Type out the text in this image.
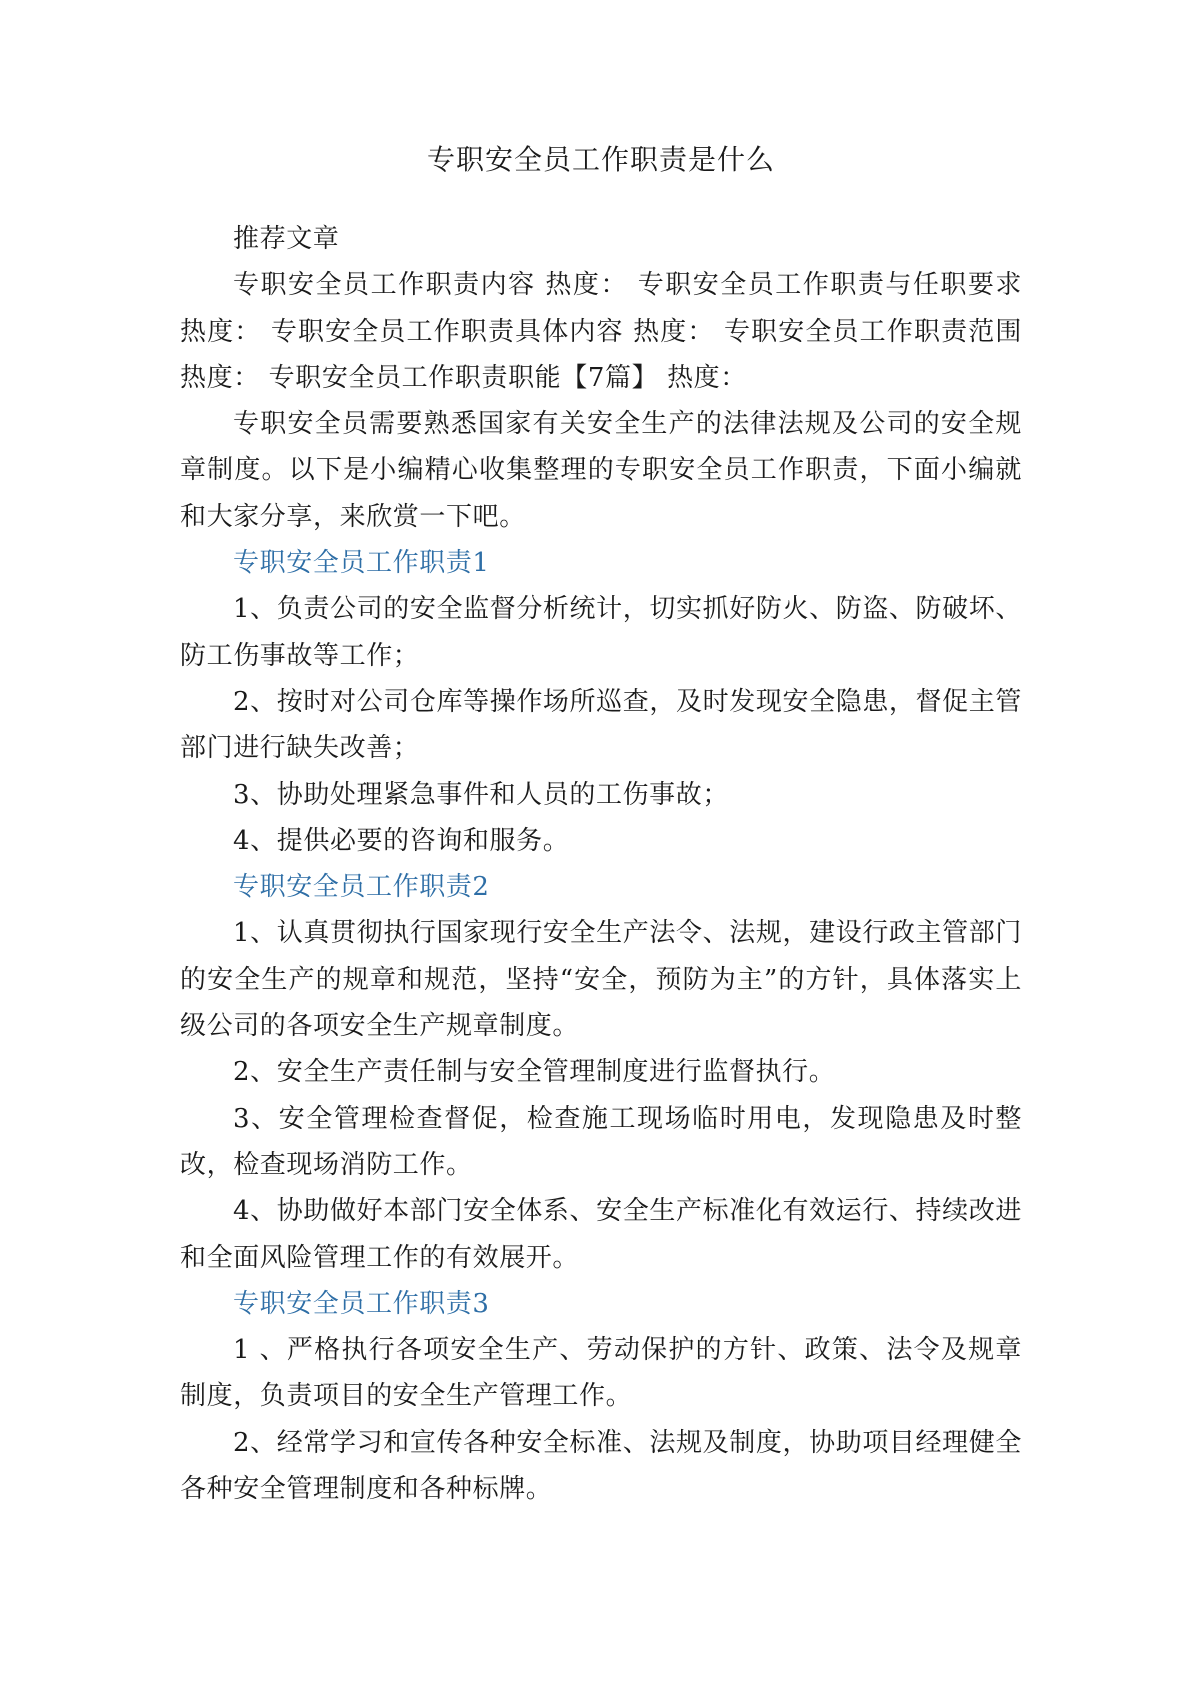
专职安全员工作职责是什么

推荐文章

专职安全员工作职责内容 热度： 专职安全员工作职责与任职要求 热度： 专职安全员工作职责具体内容 热度： 专职安全员工作职责范围 热度： 专职安全员工作职责职能【7篇】 热度：

专职安全员需要熟悉国家有关安全生产的法律法规及公司的安全规章制度。以下是小编精心收集整理的专职安全员工作职责，下面小编就和大家分享，来欣赏一下吧。

专职安全员工作职责1

1、负责公司的安全监督分析统计，切实抓好防火、防盗、防破坏、防工伤事故等工作；

2、按时对公司仓库等操作场所巡查，及时发现安全隐患，督促主管部门进行缺失改善；

3、协助处理紧急事件和人员的工伤事故；

4、提供必要的咨询和服务。

专职安全员工作职责2

1、认真贯彻执行国家现行安全生产法令、法规，建设行政主管部门的安全生产的规章和规范，坚持“安全，预防为主”的方针，具体落实上级公司的各项安全生产规章制度。

2、安全生产责任制与安全管理制度进行监督执行。

3、安全管理检查督促，检查施工现场临时用电，发现隐患及时整改，检查现场消防工作。

4、协助做好本部门安全体系、安全生产标准化有效运行、持续改进和全面风险管理工作的有效展开。

专职安全员工作职责3

1 、严格执行各项安全生产、劳动保护的方针、政策、法令及规章制度，负责项目的安全生产管理工作。

2、经常学习和宣传各种安全标准、法规及制度，协助项目经理健全各种安全管理制度和各种标牌。
